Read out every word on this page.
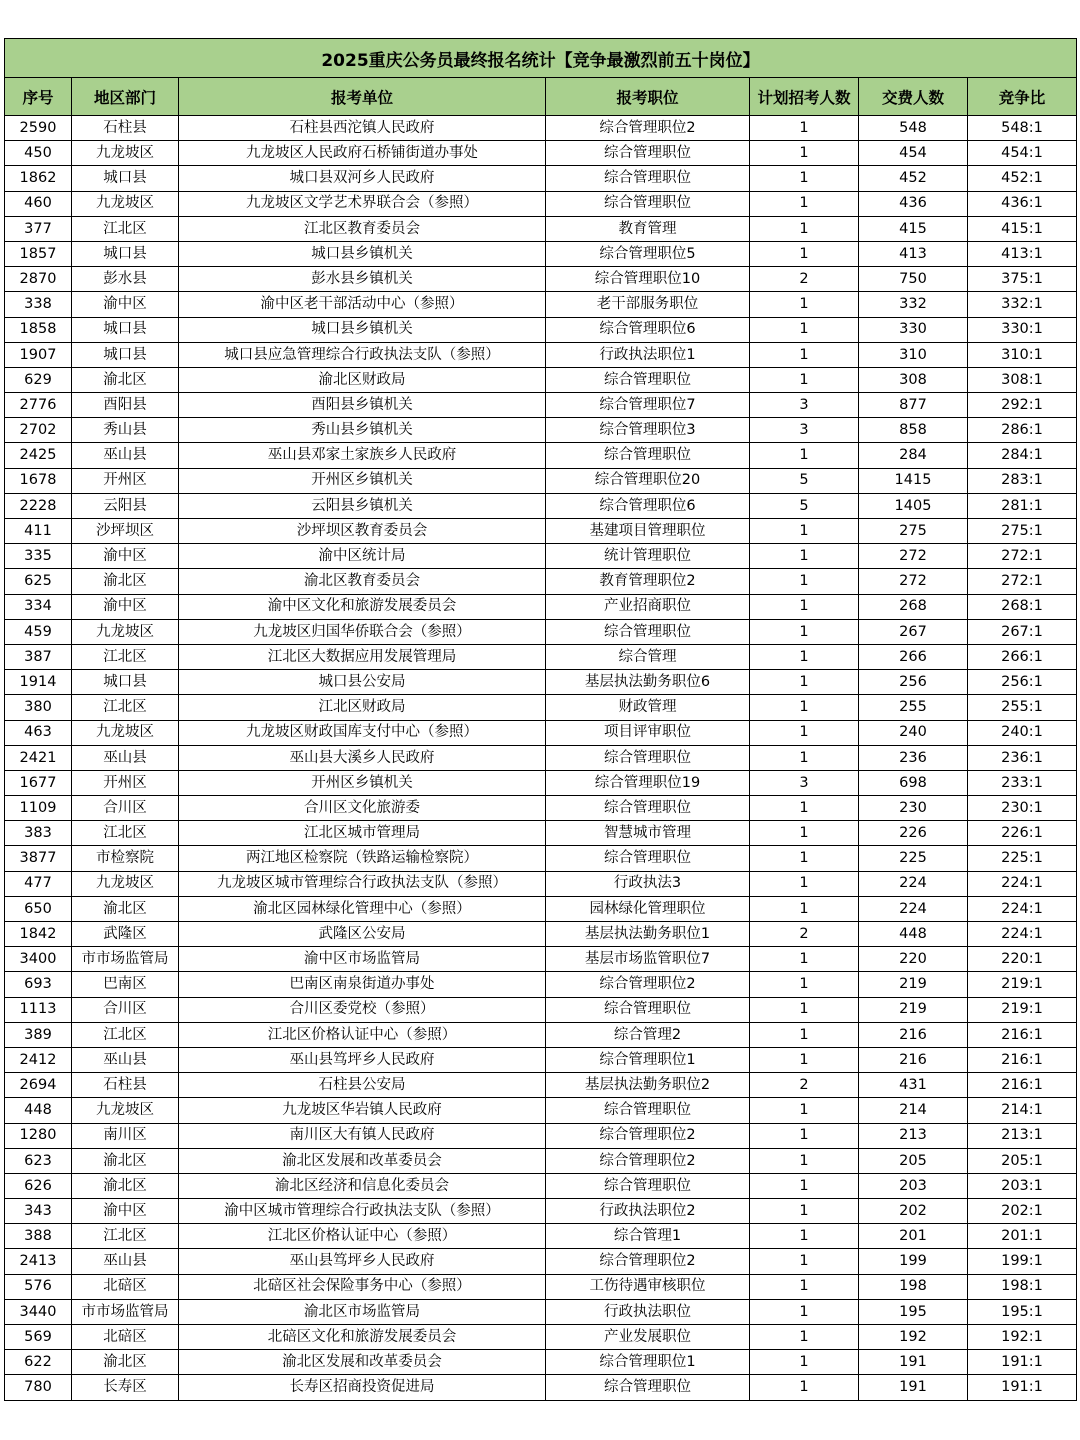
2025重庆公务员最终报名统计【竞争最激烈前五十岗位】						
序号	地区部门	报考单位	报考职位	计划招考人数	交费人数	竞争比
2590	石柱县	石柱县西沱镇人民政府	综合管理职位2	1	548	548:1
450	九龙坡区	九龙坡区人民政府石桥铺街道办事处	综合管理职位	1	454	454:1
1862	城口县	城口县双河乡人民政府	综合管理职位	1	452	452:1
460	九龙坡区	九龙坡区文学艺术界联合会（参照）	综合管理职位	1	436	436:1
377	江北区	江北区教育委员会	教育管理	1	415	415:1
1857	城口县	城口县乡镇机关	综合管理职位5	1	413	413:1
2870	彭水县	彭水县乡镇机关	综合管理职位10	2	750	375:1
338	渝中区	渝中区老干部活动中心（参照）	老干部服务职位	1	332	332:1
1858	城口县	城口县乡镇机关	综合管理职位6	1	330	330:1
1907	城口县	城口县应急管理综合行政执法支队（参照）	行政执法职位1	1	310	310:1
629	渝北区	渝北区财政局	综合管理职位	1	308	308:1
2776	酉阳县	酉阳县乡镇机关	综合管理职位7	3	877	292:1
2702	秀山县	秀山县乡镇机关	综合管理职位3	3	858	286:1
2425	巫山县	巫山县邓家土家族乡人民政府	综合管理职位	1	284	284:1
1678	开州区	开州区乡镇机关	综合管理职位20	5	1415	283:1
2228	云阳县	云阳县乡镇机关	综合管理职位6	5	1405	281:1
411	沙坪坝区	沙坪坝区教育委员会	基建项目管理职位	1	275	275:1
335	渝中区	渝中区统计局	统计管理职位	1	272	272:1
625	渝北区	渝北区教育委员会	教育管理职位2	1	272	272:1
334	渝中区	渝中区文化和旅游发展委员会	产业招商职位	1	268	268:1
459	九龙坡区	九龙坡区归国华侨联合会（参照）	综合管理职位	1	267	267:1
387	江北区	江北区大数据应用发展管理局	综合管理	1	266	266:1
1914	城口县	城口县公安局	基层执法勤务职位6	1	256	256:1
380	江北区	江北区财政局	财政管理	1	255	255:1
463	九龙坡区	九龙坡区财政国库支付中心（参照）	项目评审职位	1	240	240:1
2421	巫山县	巫山县大溪乡人民政府	综合管理职位	1	236	236:1
1677	开州区	开州区乡镇机关	综合管理职位19	3	698	233:1
1109	合川区	合川区文化旅游委	综合管理职位	1	230	230:1
383	江北区	江北区城市管理局	智慧城市管理	1	226	226:1
3877	市检察院	两江地区检察院（铁路运输检察院）	综合管理职位	1	225	225:1
477	九龙坡区	九龙坡区城市管理综合行政执法支队（参照）	行政执法3	1	224	224:1
650	渝北区	渝北区园林绿化管理中心（参照）	园林绿化管理职位	1	224	224:1
1842	武隆区	武隆区公安局	基层执法勤务职位1	2	448	224:1
3400	市市场监管局	渝中区市场监管局	基层市场监管职位7	1	220	220:1
693	巴南区	巴南区南泉街道办事处	综合管理职位2	1	219	219:1
1113	合川区	合川区委党校（参照）	综合管理职位	1	219	219:1
389	江北区	江北区价格认证中心（参照）	综合管理2	1	216	216:1
2412	巫山县	巫山县笃坪乡人民政府	综合管理职位1	1	216	216:1
2694	石柱县	石柱县公安局	基层执法勤务职位2	2	431	216:1
448	九龙坡区	九龙坡区华岩镇人民政府	综合管理职位	1	214	214:1
1280	南川区	南川区大有镇人民政府	综合管理职位2	1	213	213:1
623	渝北区	渝北区发展和改革委员会	综合管理职位2	1	205	205:1
626	渝北区	渝北区经济和信息化委员会	综合管理职位	1	203	203:1
343	渝中区	渝中区城市管理综合行政执法支队（参照）	行政执法职位2	1	202	202:1
388	江北区	江北区价格认证中心（参照）	综合管理1	1	201	201:1
2413	巫山县	巫山县笃坪乡人民政府	综合管理职位2	1	199	199:1
576	北碚区	北碚区社会保险事务中心（参照）	工伤待遇审核职位	1	198	198:1
3440	市市场监管局	渝北区市场监管局	行政执法职位	1	195	195:1
569	北碚区	北碚区文化和旅游发展委员会	产业发展职位	1	192	192:1
622	渝北区	渝北区发展和改革委员会	综合管理职位1	1	191	191:1
780	长寿区	长寿区招商投资促进局	综合管理职位	1	191	191:1
